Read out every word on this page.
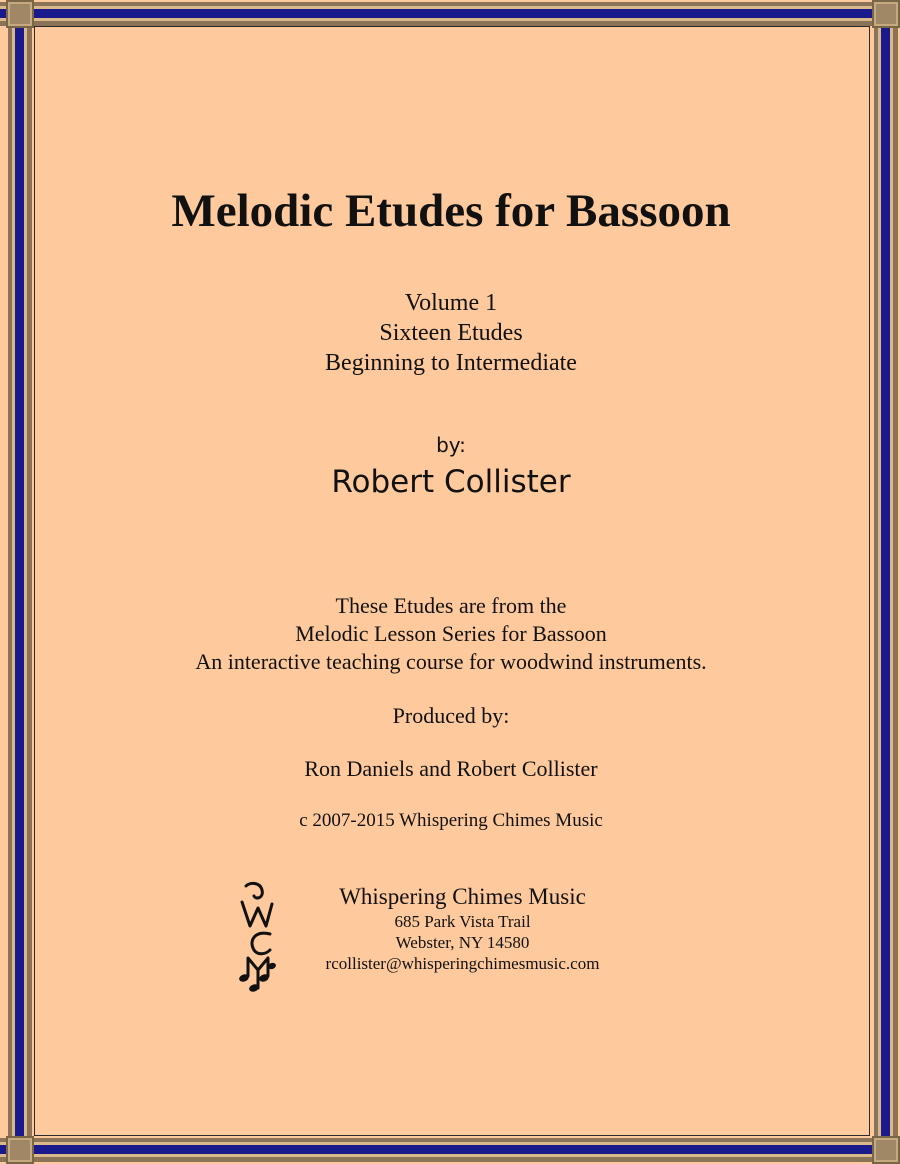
Melodic Etudes for Bassoon
Volume 1
Sixteen Etudes
Beginning to Intermediate
by:
Robert Collister
These Etudes are from the
Melodic Lesson Series for Bassoon
An interactive teaching course for woodwind instruments.
Produced by:
Ron Daniels and Robert Collister
c 2007-2015 Whispering Chimes Music
Whispering Chimes Music
685 Park Vista Trail
Webster, NY 14580
rcollister@whisperingchimesmusic.com
